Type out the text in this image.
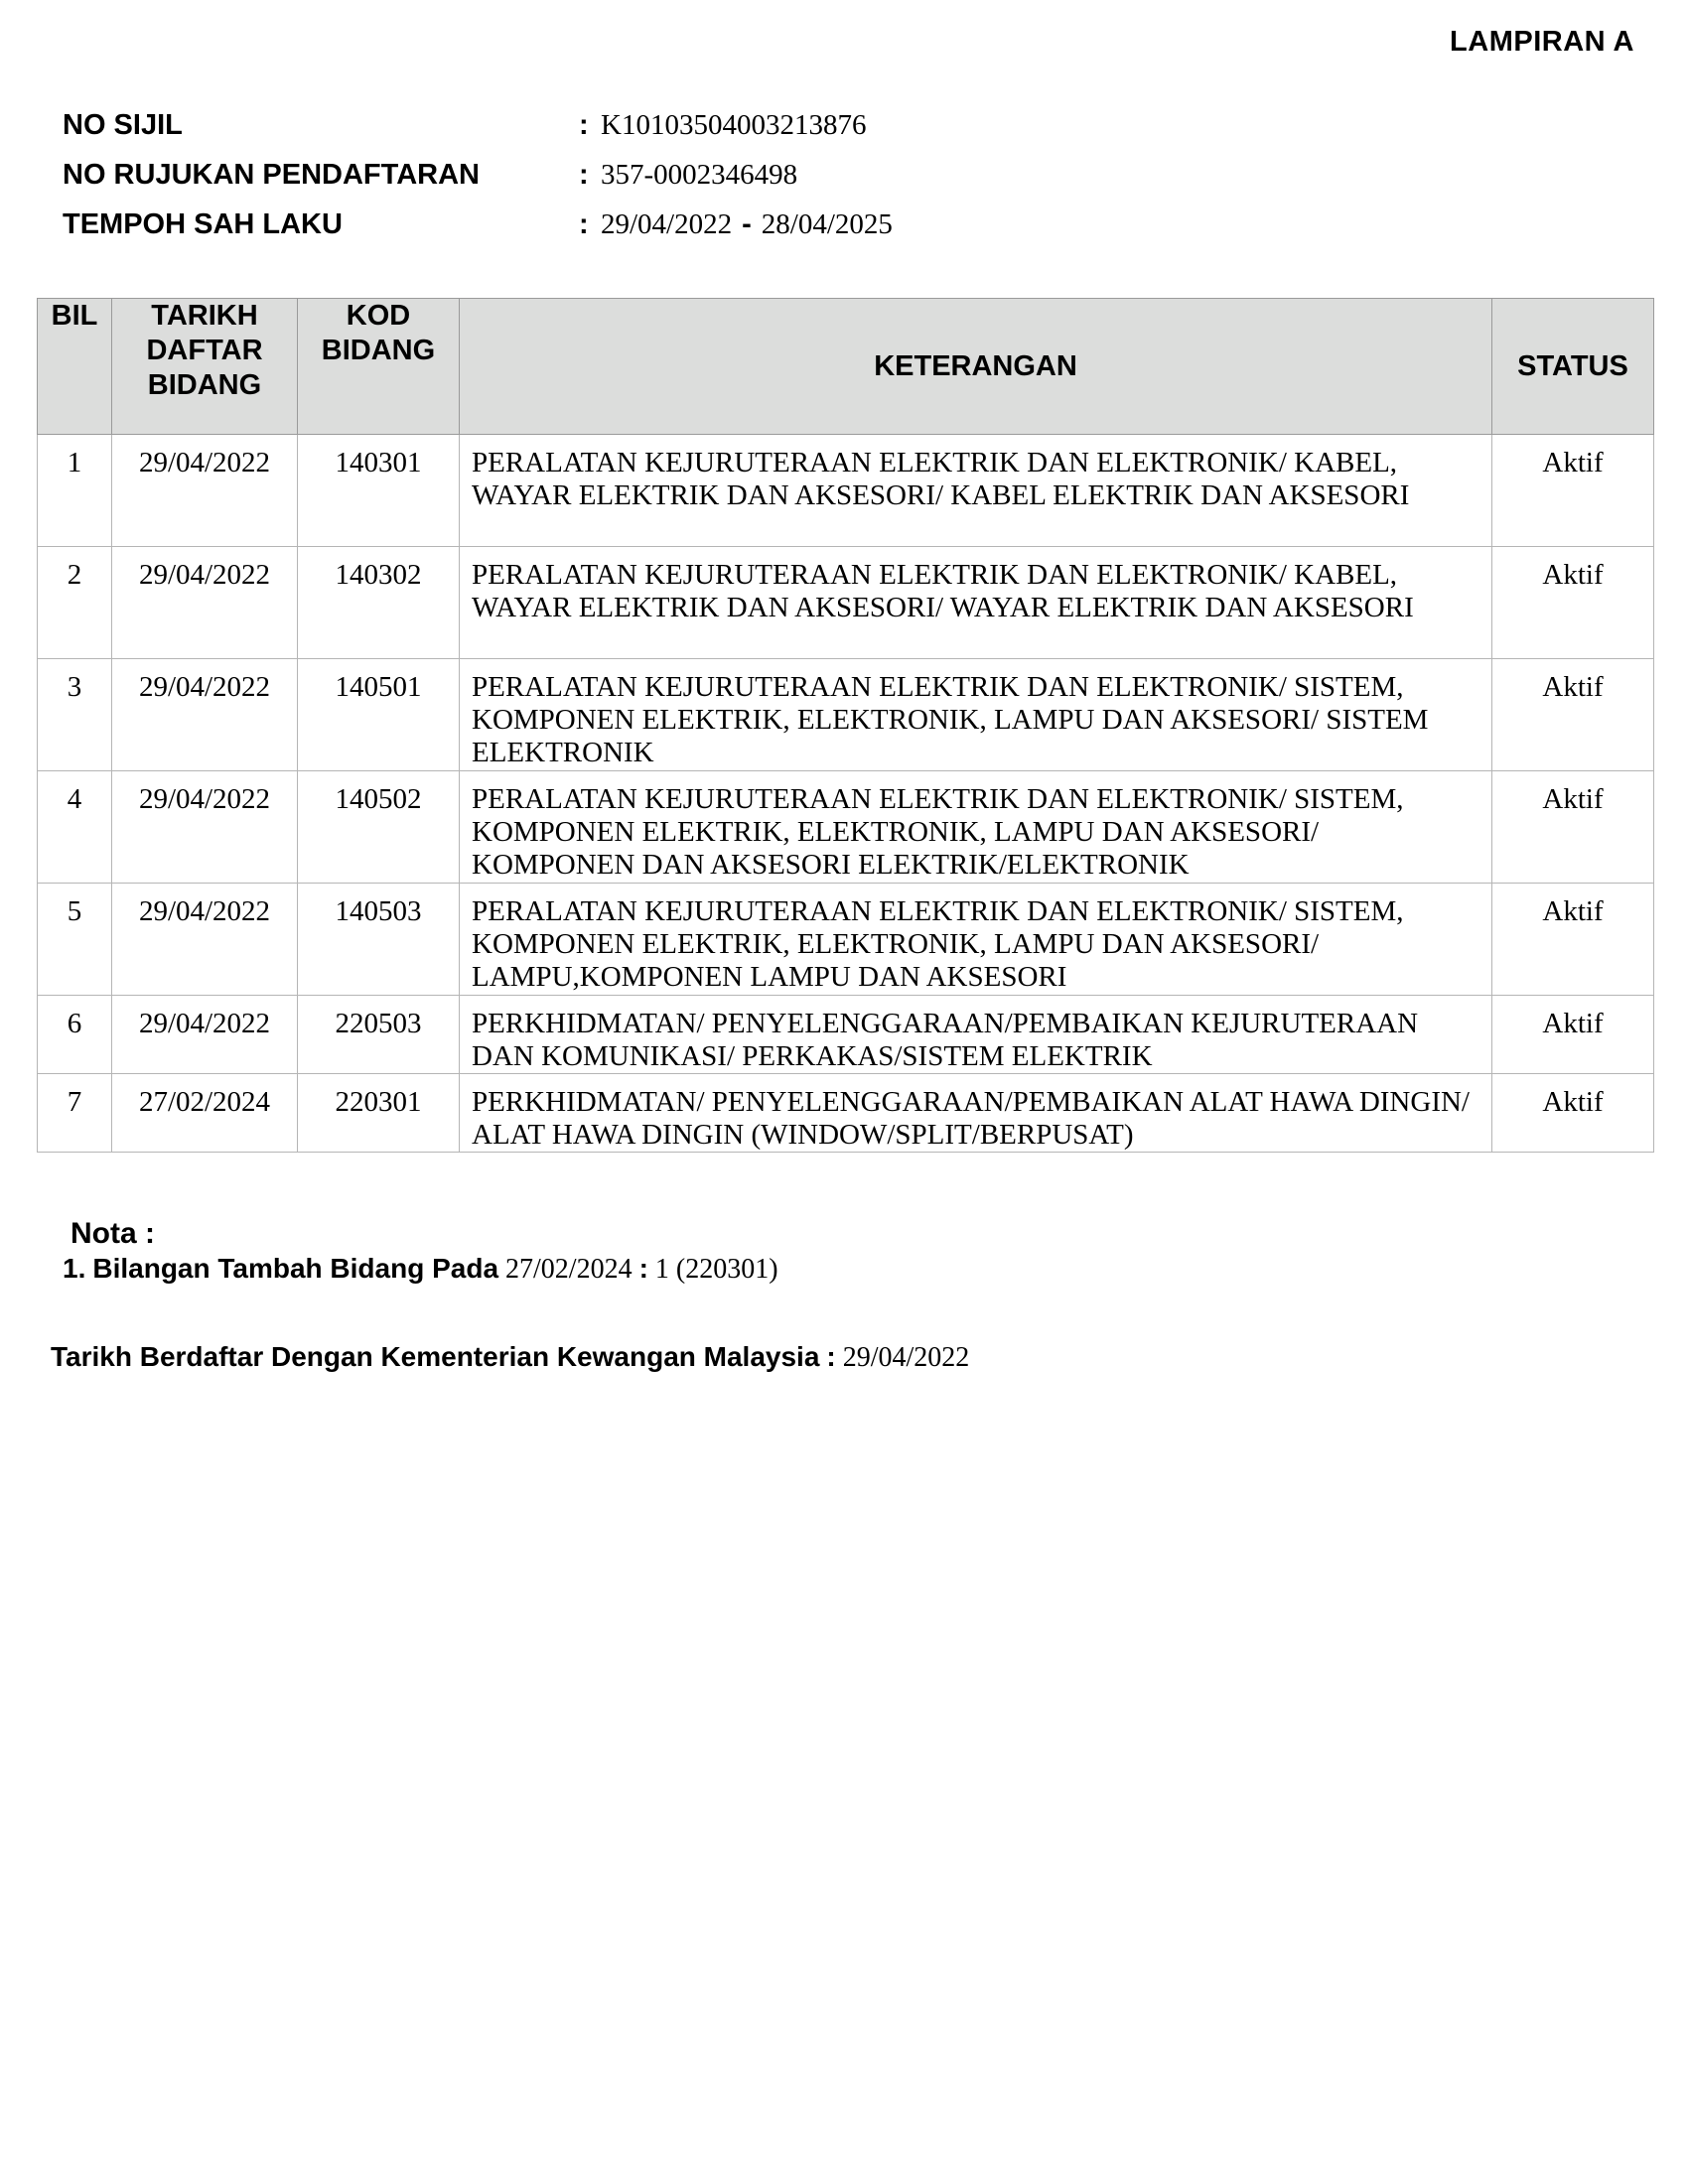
LAMPIRAN A
NO SIJIL	: K10103504003213876
NO RUJUKAN PENDAFTARAN	: 357-0002346498
TEMPOH SAH LAKU	: 29/04/2022 - 28/04/2025
BIL	TARIKH DAFTAR BIDANG	KOD BIDANG	KETERANGAN	STATUS
1	29/04/2022	140301	PERALATAN KEJURUTERAAN ELEKTRIK DAN ELEKTRONIK/ KABEL, WAYAR ELEKTRIK DAN AKSESORI/ KABEL ELEKTRIK DAN AKSESORI	Aktif
2	29/04/2022	140302	PERALATAN KEJURUTERAAN ELEKTRIK DAN ELEKTRONIK/ KABEL, WAYAR ELEKTRIK DAN AKSESORI/ WAYAR ELEKTRIK DAN AKSESORI	Aktif
3	29/04/2022	140501	PERALATAN KEJURUTERAAN ELEKTRIK DAN ELEKTRONIK/ SISTEM, KOMPONEN ELEKTRIK, ELEKTRONIK, LAMPU DAN AKSESORI/ SISTEM ELEKTRONIK	Aktif
4	29/04/2022	140502	PERALATAN KEJURUTERAAN ELEKTRIK DAN ELEKTRONIK/ SISTEM, KOMPONEN ELEKTRIK, ELEKTRONIK, LAMPU DAN AKSESORI/ KOMPONEN DAN AKSESORI ELEKTRIK/ELEKTRONIK	Aktif
5	29/04/2022	140503	PERALATAN KEJURUTERAAN ELEKTRIK DAN ELEKTRONIK/ SISTEM, KOMPONEN ELEKTRIK, ELEKTRONIK, LAMPU DAN AKSESORI/ LAMPU,KOMPONEN LAMPU DAN AKSESORI	Aktif
6	29/04/2022	220503	PERKHIDMATAN/ PENYELENGGARAAN/PEMBAIKAN KEJURUTERAAN DAN KOMUNIKASI/ PERKAKAS/SISTEM ELEKTRIK	Aktif
7	27/02/2024	220301	PERKHIDMATAN/ PENYELENGGARAAN/PEMBAIKAN ALAT HAWA DINGIN/ ALAT HAWA DINGIN (WINDOW/SPLIT/BERPUSAT)	Aktif
Nota :
1. Bilangan Tambah Bidang Pada 27/02/2024 : 1 (220301)
Tarikh Berdaftar Dengan Kementerian Kewangan Malaysia : 29/04/2022
